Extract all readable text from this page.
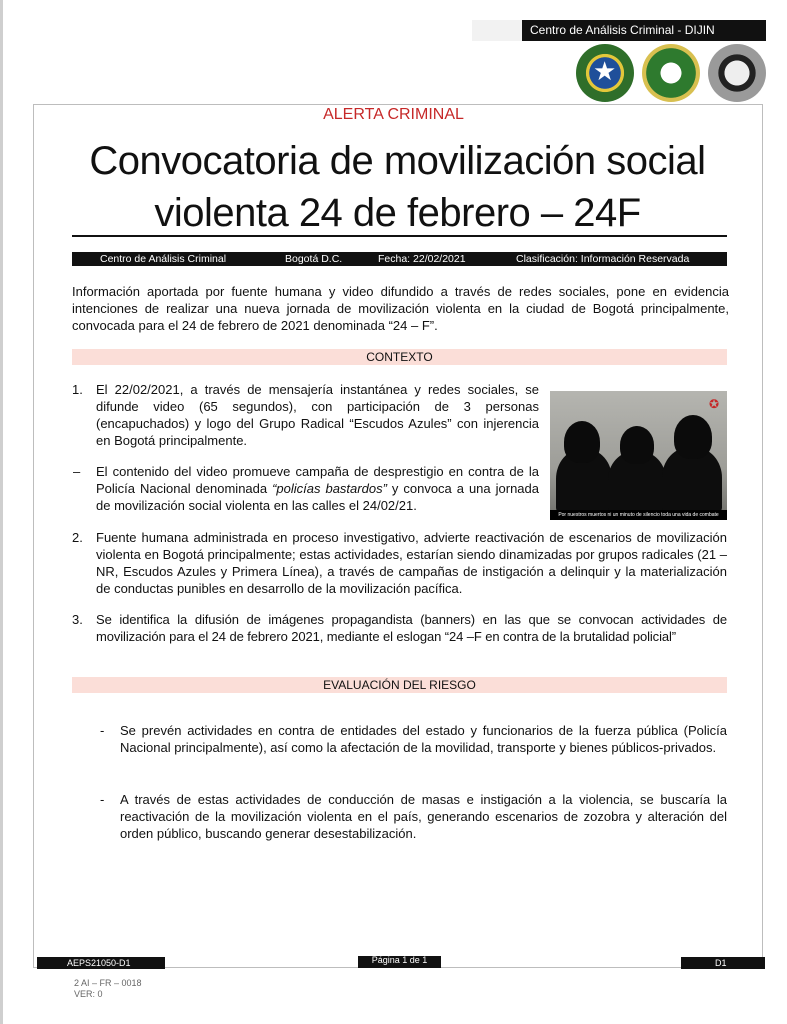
Centro de Análisis Criminal - DIJIN
★
ALERTA CRIMINAL
Convocatoria de movilización social
violenta 24 de febrero – 24F
Centro de Análisis Criminal	Bogotá D.C.	Fecha: 22/02/2021	Clasificación: Información Reservada

Información aportada por fuente humana y video difundido a través de redes sociales, pone en evidencia intenciones de realizar una nueva jornada de movilización violenta en la ciudad de Bogotá principalmente, convocada para el 24 de febrero de 2021 denominada “24 – F”.

CONTEXTO
1. El 22/02/2021, a través de mensajería instantánea y redes sociales, se difunde video (65 segundos), con participación de 3 personas (encapuchados) y logo del Grupo Radical “Escudos Azules” con injerencia en Bogotá principalmente.

– El contenido del video promueve campaña de desprestigio en contra de la Policía Nacional denominada “policías bastardos” y convoca a una jornada de movilización social violenta en las calles el 24/02/21.

✪
Por nuestros muertos ni un minuto de silencio toda una vida de combate
2. Fuente humana administrada en proceso investigativo, advierte reactivación de escenarios de movilización violenta en Bogotá principalmente; estas actividades, estarían siendo dinamizadas por grupos radicales (21 –NR, Escudos Azules y Primera Línea), a través de campañas de instigación a delinquir y la materialización de conductas punibles en desarrollo de la movilización pacífica.

3. Se identifica la difusión de imágenes propagandista (banners) en las que se convocan actividades de movilización para el 24 de febrero 2021, mediante el eslogan “24 –F en contra de la brutalidad policial”

EVALUACIÓN DEL RIESGO
- Se prevén actividades en contra de entidades del estado y funcionarios de la fuerza pública (Policía Nacional principalmente), así como la afectación de la movilidad, transporte y bienes públicos-privados.

- A través de estas actividades de conducción de masas e instigación a la violencia, se buscaría la reactivación de la movilización violenta en el país, generando escenarios de zozobra y alteración del orden público, buscando generar desestabilización.

AEPS21050-D1	Página 1 de 1	D1
2 AI – FR – 0018
VER: 0
